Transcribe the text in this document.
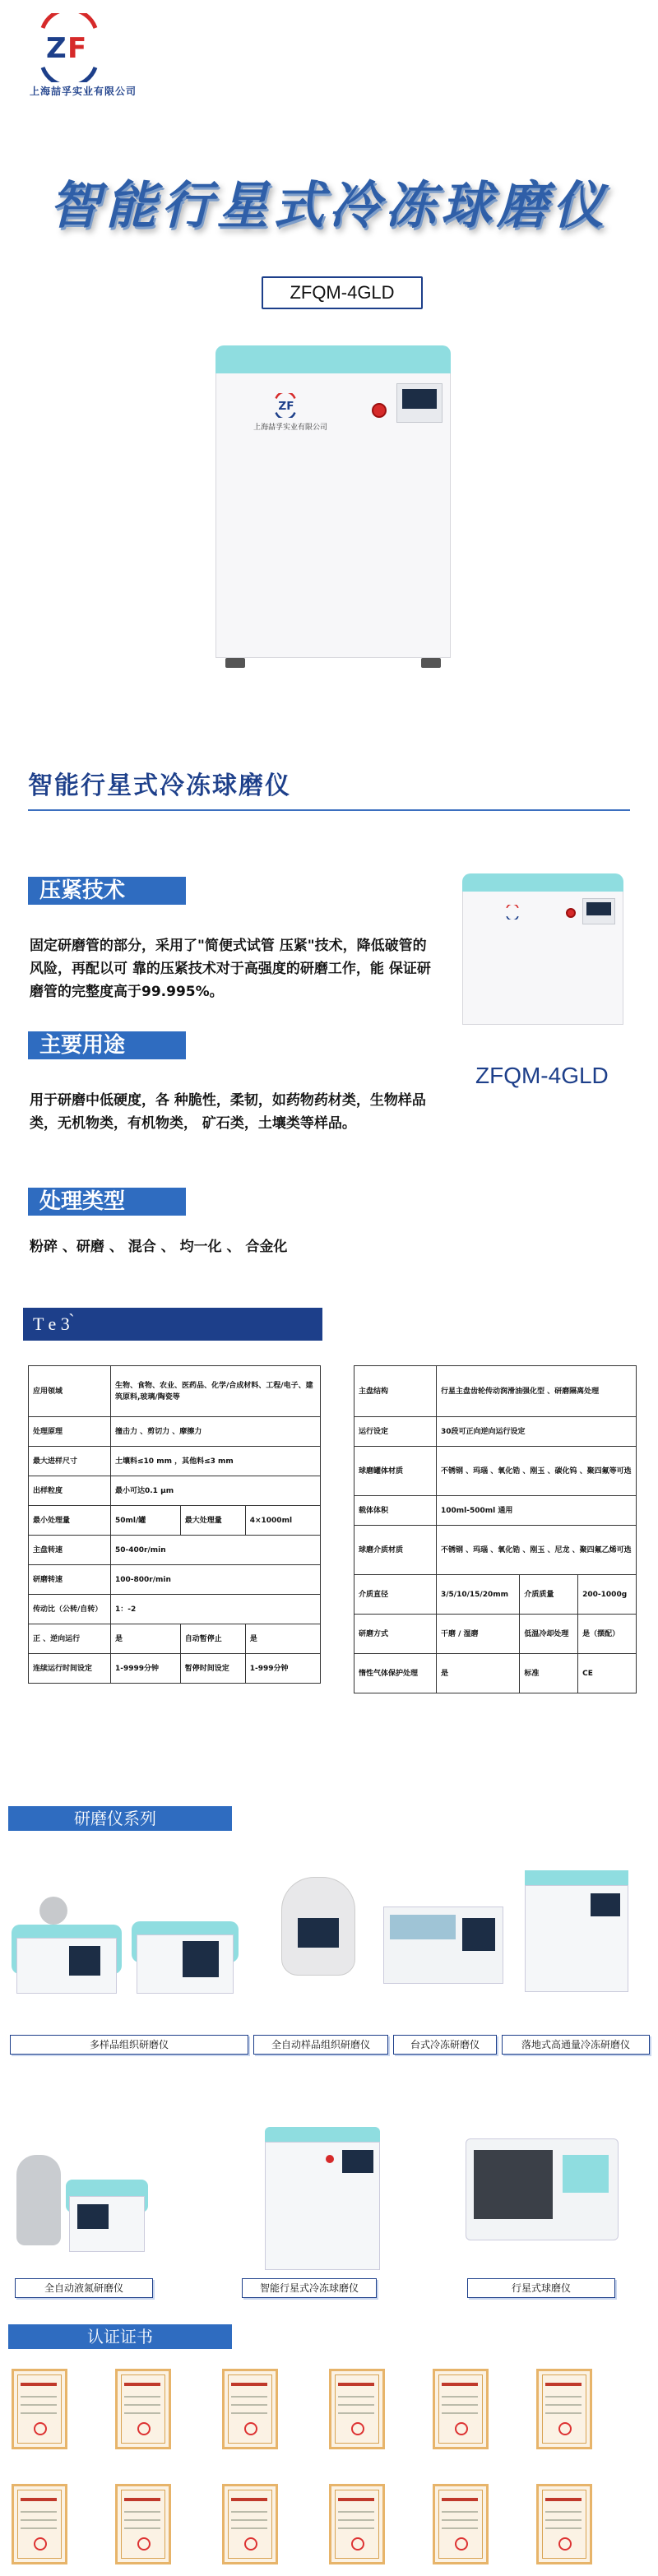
Z F
上海喆孚实业有限公司
智能行星式冷冻球磨仪
ZFQM-4GLD
ZF
上海喆孚实业有限公司
智能行星式冷冻球磨仪
压紧技术
固定研磨管的部分，采用了"简便式试管 压紧"技术，降低破管的风险，再配以可 靠的压紧技术对于高强度的研磨工作，能 保证研磨管的完整度高于99.995%。
主要用途
用于研磨中低硬度，各 种脆性，柔韧，如药物药材类，生物样品类，无机物类，有机物类， 矿石类，土壤类等样品。
处理类型
粉碎 、研磨 、 混合 、 均一化 、 合金化
ZFQM-4GLD
T e 3 ̀
应用领域	生物、食物、农业、医药品、化学/合成材料、工程/电子、建筑原料,玻璃/陶瓷等		
处理原理	撞击力 、剪切力 、摩擦力		
最大进样尺寸	土壤料≤10 mm ，其他料≤3 mm		
出样粒度	最小可达0.1 μm		
最小处理量	50ml/罐	最大处理量	4×1000ml
主盘转速	50-400r/min		
研磨转速	100-800r/min		
传动比（公转/自转）	1：-2		
正 、逆向运行	是	自动暂停止	是
连续运行时间设定	1-9999分钟	暂停时间设定	1-999分钟
主盘结构	行星主盘齿轮传动润滑油强化型 、研磨隔离处理		
运行设定	30段可正向逆向运行设定		
球磨罐体材质	不锈钢 、玛瑙 、氧化锆 、刚玉 、碳化钨 、聚四氟等可选		
载体体积	100ml-500ml 通用		
球磨介质材质	不锈钢 、玛瑙 、氧化锆 、刚玉 、尼龙 、聚四氟乙烯可选		
介质直径	3/5/10/15/20mm	介质质量	200-1000g
研磨方式	干磨 / 湿磨	低温冷却处理	是（摆配）
惰性气体保护处理	是	标准	CE
研磨仪系列
多样品组织研磨仪	全自动样品组织研磨仪	台式冷冻研磨仪	落地式高通量冷冻研磨仪
全自动液氮研磨仪	智能行星式冷冻球磨仪	行星式球磨仪
认证证书
